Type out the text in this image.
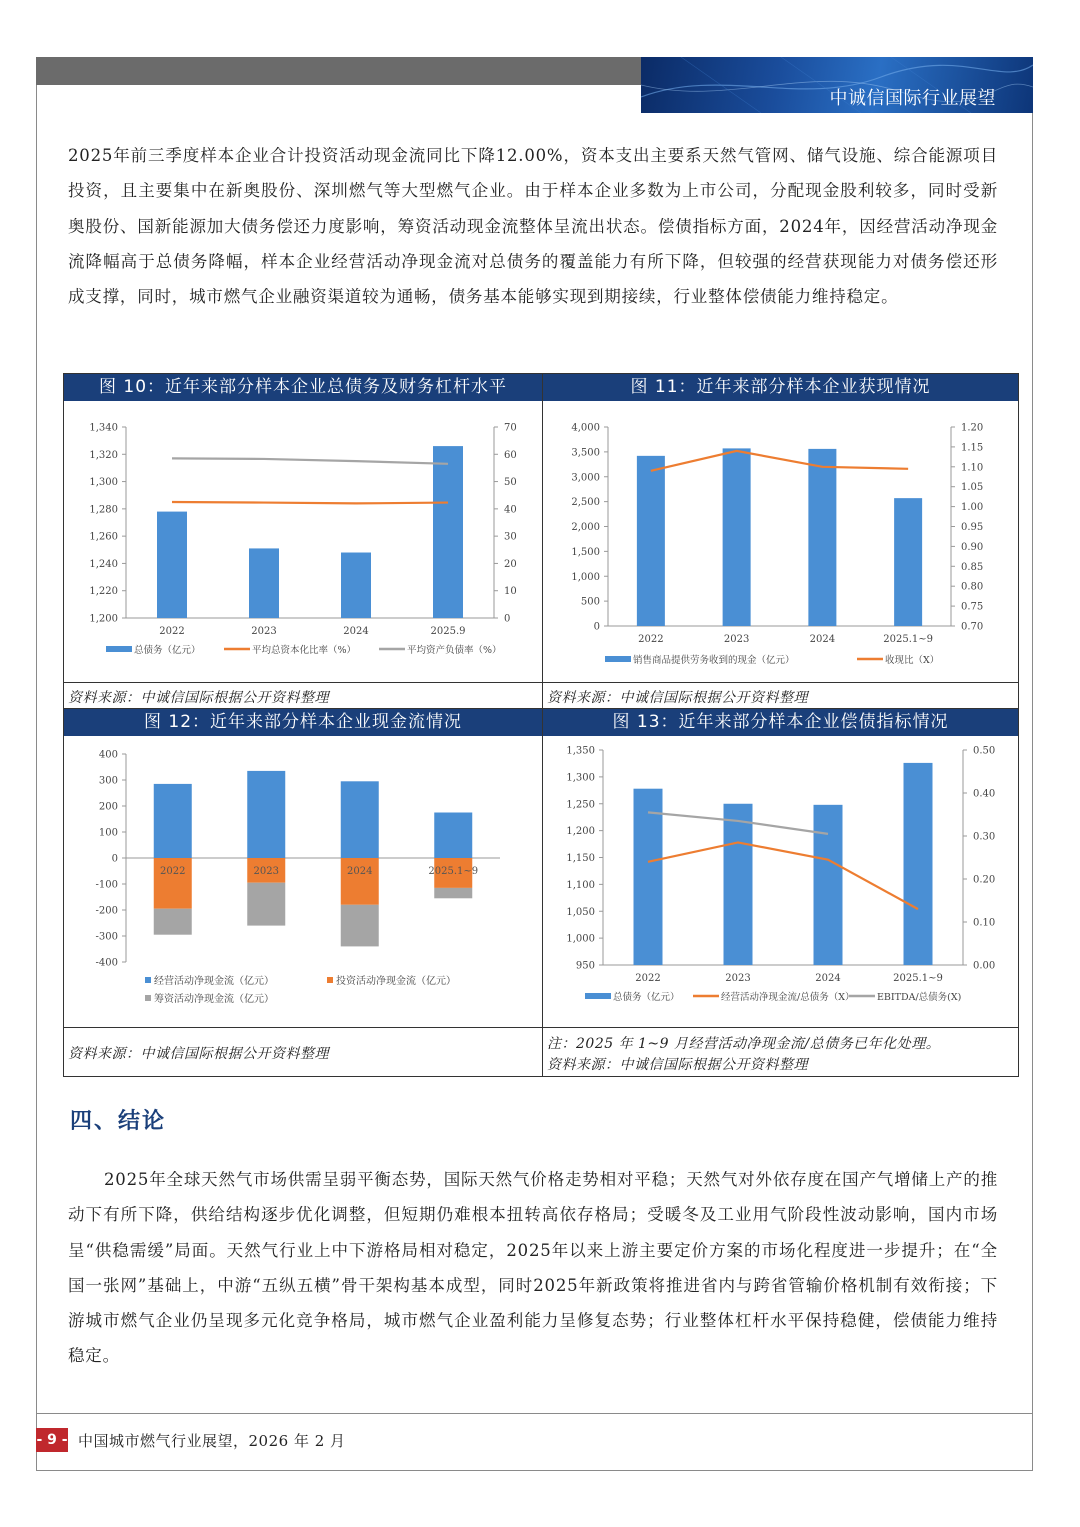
中诚信国际行业展望

2025年前三季度样本企业合计投资活动现金流同比下降12.00%，资本支出主要系天然气管网、储气设施、综合能源项目投资，且主要集中在新奥股份、深圳燃气等大型燃气企业。由于样本企业多数为上市公司，分配现金股利较多，同时受新奥股份、国新能源加大债务偿还力度影响，筹资活动现金流整体呈流出状态。偿债指标方面，2024年，因经营活动净现金流降幅高于总债务降幅，样本企业经营活动净现金流对总债务的覆盖能力有所下降，但较强的经营获现能力对债务偿还形成支撑，同时，城市燃气企业融资渠道较为通畅，债务基本能够实现到期接续，行业整体偿债能力维持稳定。

图 10：近年来部分样本企业总债务及财务杠杆水平	图 11：近年来部分样本企业获现情况
图 12：近年来部分样本企业现金流情况	图 13：近年来部分样本企业偿债指标情况
1,200
1,220
1,240
1,260
1,280
1,300
1,320
1,340
0
10
20
30
40
50
60
70
2022	2023	2024	2025.9
总债务（亿元）	平均总资本化比率（%）	平均资产负债率（%）
0
500
1,000
1,500
2,000
2,500
3,000
3,500
4,000
0.70
0.75
0.80
0.85
0.90
0.95
1.00
1.05
1.10
1.15
1.20
2022	2023	2024	2025.1~9
销售商品提供劳务收到的现金（亿元）	收现比（X）
400
300
200
100
0
-100
-200
-300
-400
2022	2023	2024	2025.1~9
经营活动净现金流（亿元）	投资活动净现金流（亿元）
筹资活动净现金流（亿元）
950
1,000
1,050
1,100
1,150
1,200
1,250
1,300
1,350
0.00
0.10
0.20
0.30
0.40
0.50
2022	2023	2024	2025.1~9
总债务（亿元）	经营活动净现金流/总债务（X） EBITDA/总债务(X)
资料来源：中诚信国际根据公开资料整理	资料来源：中诚信国际根据公开资料整理
资料来源：中诚信国际根据公开资料整理
注：2025 年 1~9 月经营活动净现金流/总债务已年化处理。
资料来源：中诚信国际根据公开资料整理
四、结论

2025年全球天然气市场供需呈弱平衡态势，国际天然气价格走势相对平稳；天然气对外依存度在国产气增储上产的推动下有所下降，供给结构逐步优化调整，但短期仍难根本扭转高依存格局；受暖冬及工业用气阶段性波动影响，国内市场呈“供稳需缓”局面。天然气行业上中下游格局相对稳定，2025年以来上游主要定价方案的市场化程度进一步提升；在“全国一张网”基础上，中游“五纵五横”骨干架构基本成型，同时2025年新政策将推进省内与跨省管输价格机制有效衔接；下游城市燃气企业仍呈现多元化竞争格局，城市燃气企业盈利能力呈修复态势；行业整体杠杆水平保持稳健，偿债能力维持稳定。

- 9 - 中国城市燃气行业展望，2026 年 2 月
